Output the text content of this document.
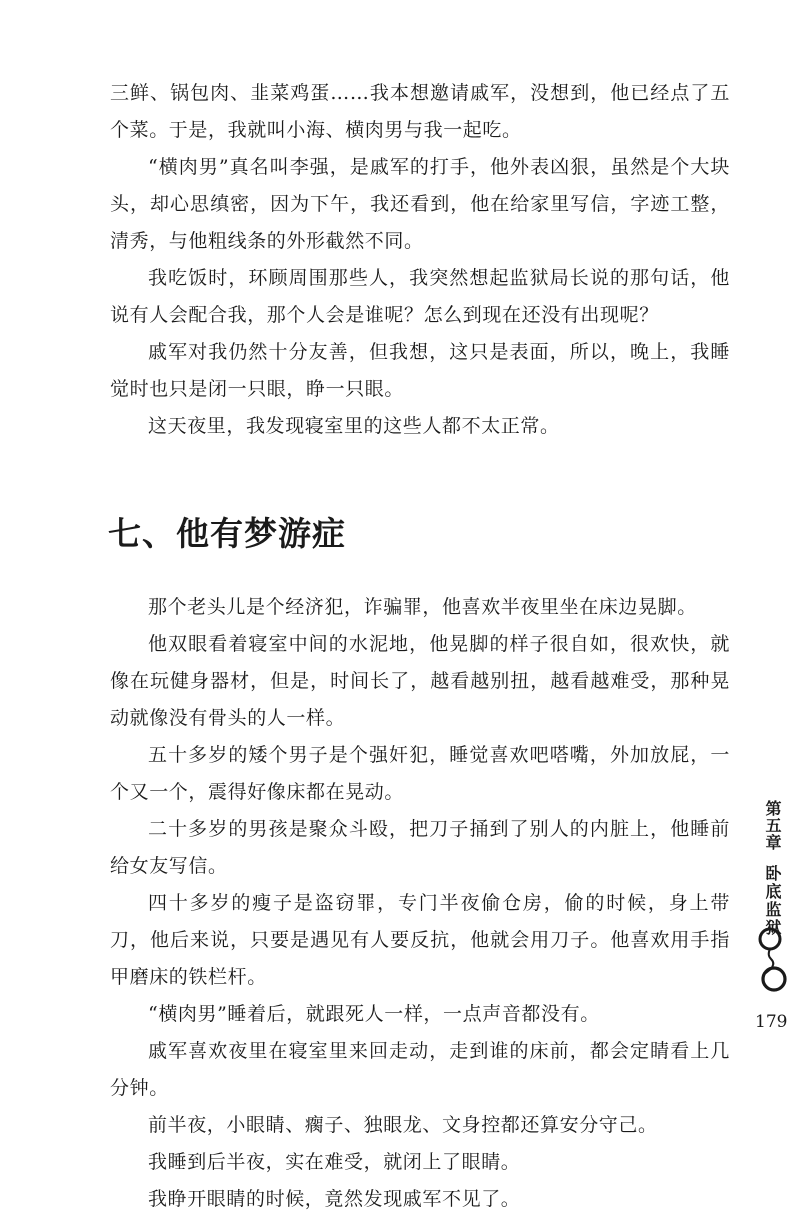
三鲜、锅包肉、韭菜鸡蛋……我本想邀请戚军，没想到，他已经点了五个菜。于是，我就叫小海、横肉男与我一起吃。

“横肉男”真名叫李强，是戚军的打手，他外表凶狠，虽然是个大块头，却心思缜密，因为下午，我还看到，他在给家里写信，字迹工整，清秀，与他粗线条的外形截然不同。

我吃饭时，环顾周围那些人，我突然想起监狱局长说的那句话，他说有人会配合我，那个人会是谁呢？怎么到现在还没有出现呢？

戚军对我仍然十分友善，但我想，这只是表面，所以，晚上，我睡觉时也只是闭一只眼，睁一只眼。

这天夜里，我发现寝室里的这些人都不太正常。

七、他有梦游症

那个老头儿是个经济犯，诈骗罪，他喜欢半夜里坐在床边晃脚。

他双眼看着寝室中间的水泥地，他晃脚的样子很自如，很欢快，就像在玩健身器材，但是，时间长了，越看越别扭，越看越难受，那种晃动就像没有骨头的人一样。

五十多岁的矮个男子是个强奸犯，睡觉喜欢吧嗒嘴，外加放屁，一个又一个，震得好像床都在晃动。

二十多岁的男孩是聚众斗殴，把刀子捅到了别人的内脏上，他睡前给女友写信。

四十多岁的瘦子是盗窃罪，专门半夜偷仓房，偷的时候，身上带刀，他后来说，只要是遇见有人要反抗，他就会用刀子。他喜欢用手指甲磨床的铁栏杆。

“横肉男”睡着后，就跟死人一样，一点声音都没有。

戚军喜欢夜里在寝室里来回走动，走到谁的床前，都会定睛看上几分钟。

前半夜，小眼睛、瘸子、独眼龙、文身控都还算安分守己。

我睡到后半夜，实在难受，就闭上了眼睛。

我睁开眼睛的时候，竟然发现戚军不见了。

第五章
卧底监狱
179
